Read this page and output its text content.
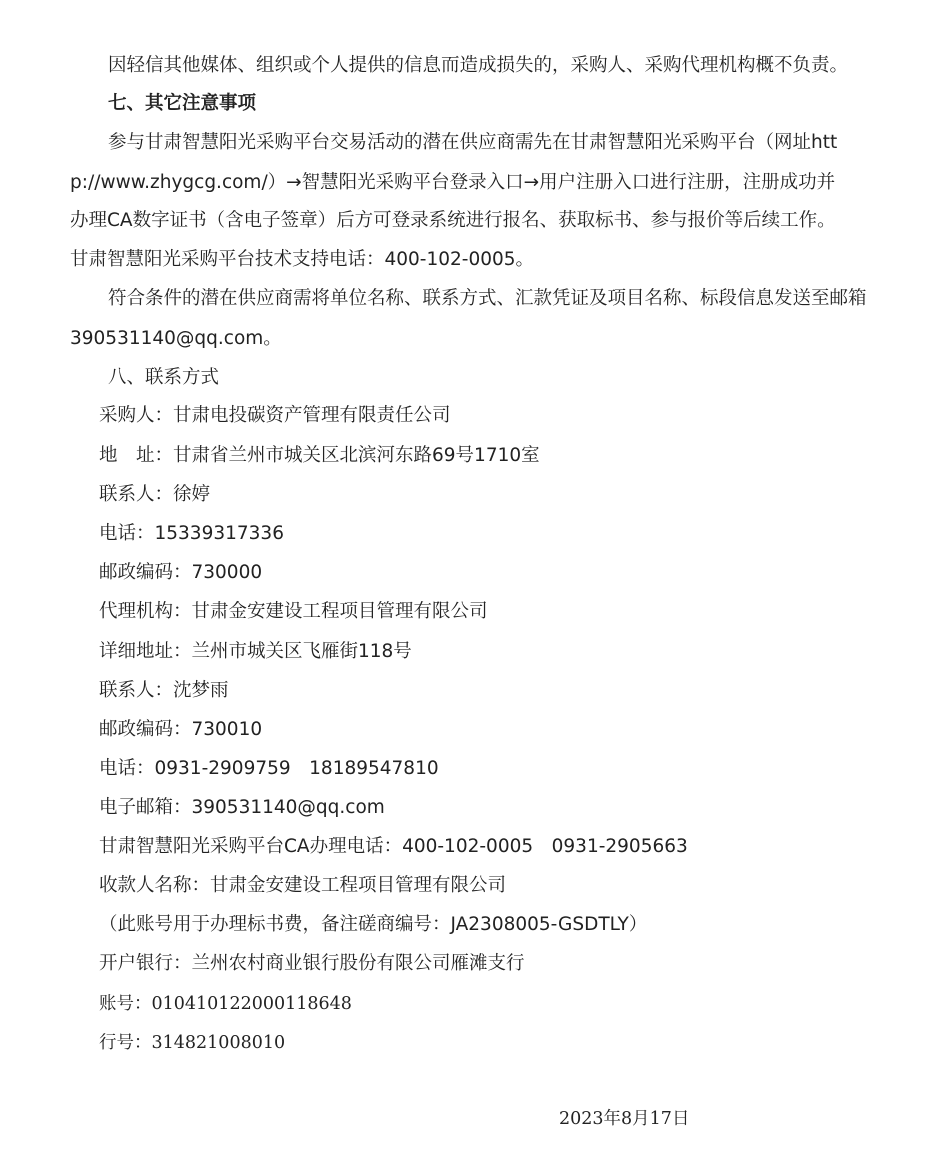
因轻信其他媒体、组织或个人提供的信息而造成损失的，采购人、采购代理机构概不负责。
七、其它注意事项
参与甘肃智慧阳光采购平台交易活动的潜在供应商需先在甘肃智慧阳光采购平台（网址htt
p://www.zhygcg.com/）→智慧阳光采购平台登录入口→用户注册入口进行注册，注册成功并
办理CA数字证书（含电子签章）后方可登录系统进行报名、获取标书、参与报价等后续工作。
甘肃智慧阳光采购平台技术支持电话：400-102-0005。
符合条件的潜在供应商需将单位名称、联系方式、汇款凭证及项目名称、标段信息发送至邮箱
390531140@qq.com。
八、联系方式
采购人：甘肃电投碳资产管理有限责任公司
地　址：甘肃省兰州市城关区北滨河东路69号1710室
联系人：徐婷
电话：15339317336
邮政编码：730000
代理机构：甘肃金安建设工程项目管理有限公司
详细地址：兰州市城关区飞雁街118号
联系人：沈梦雨
邮政编码：730010
电话：0931-2909759　18189547810
电子邮箱：390531140@qq.com
甘肃智慧阳光采购平台CA办理电话：400-102-0005　0931-2905663
收款人名称：甘肃金安建设工程项目管理有限公司
（此账号用于办理标书费，备注磋商编号：JA2308005-GSDTLY）
开户银行：兰州农村商业银行股份有限公司雁滩支行
账号：010410122000118648
行号：314821008010
2023年8月17日
